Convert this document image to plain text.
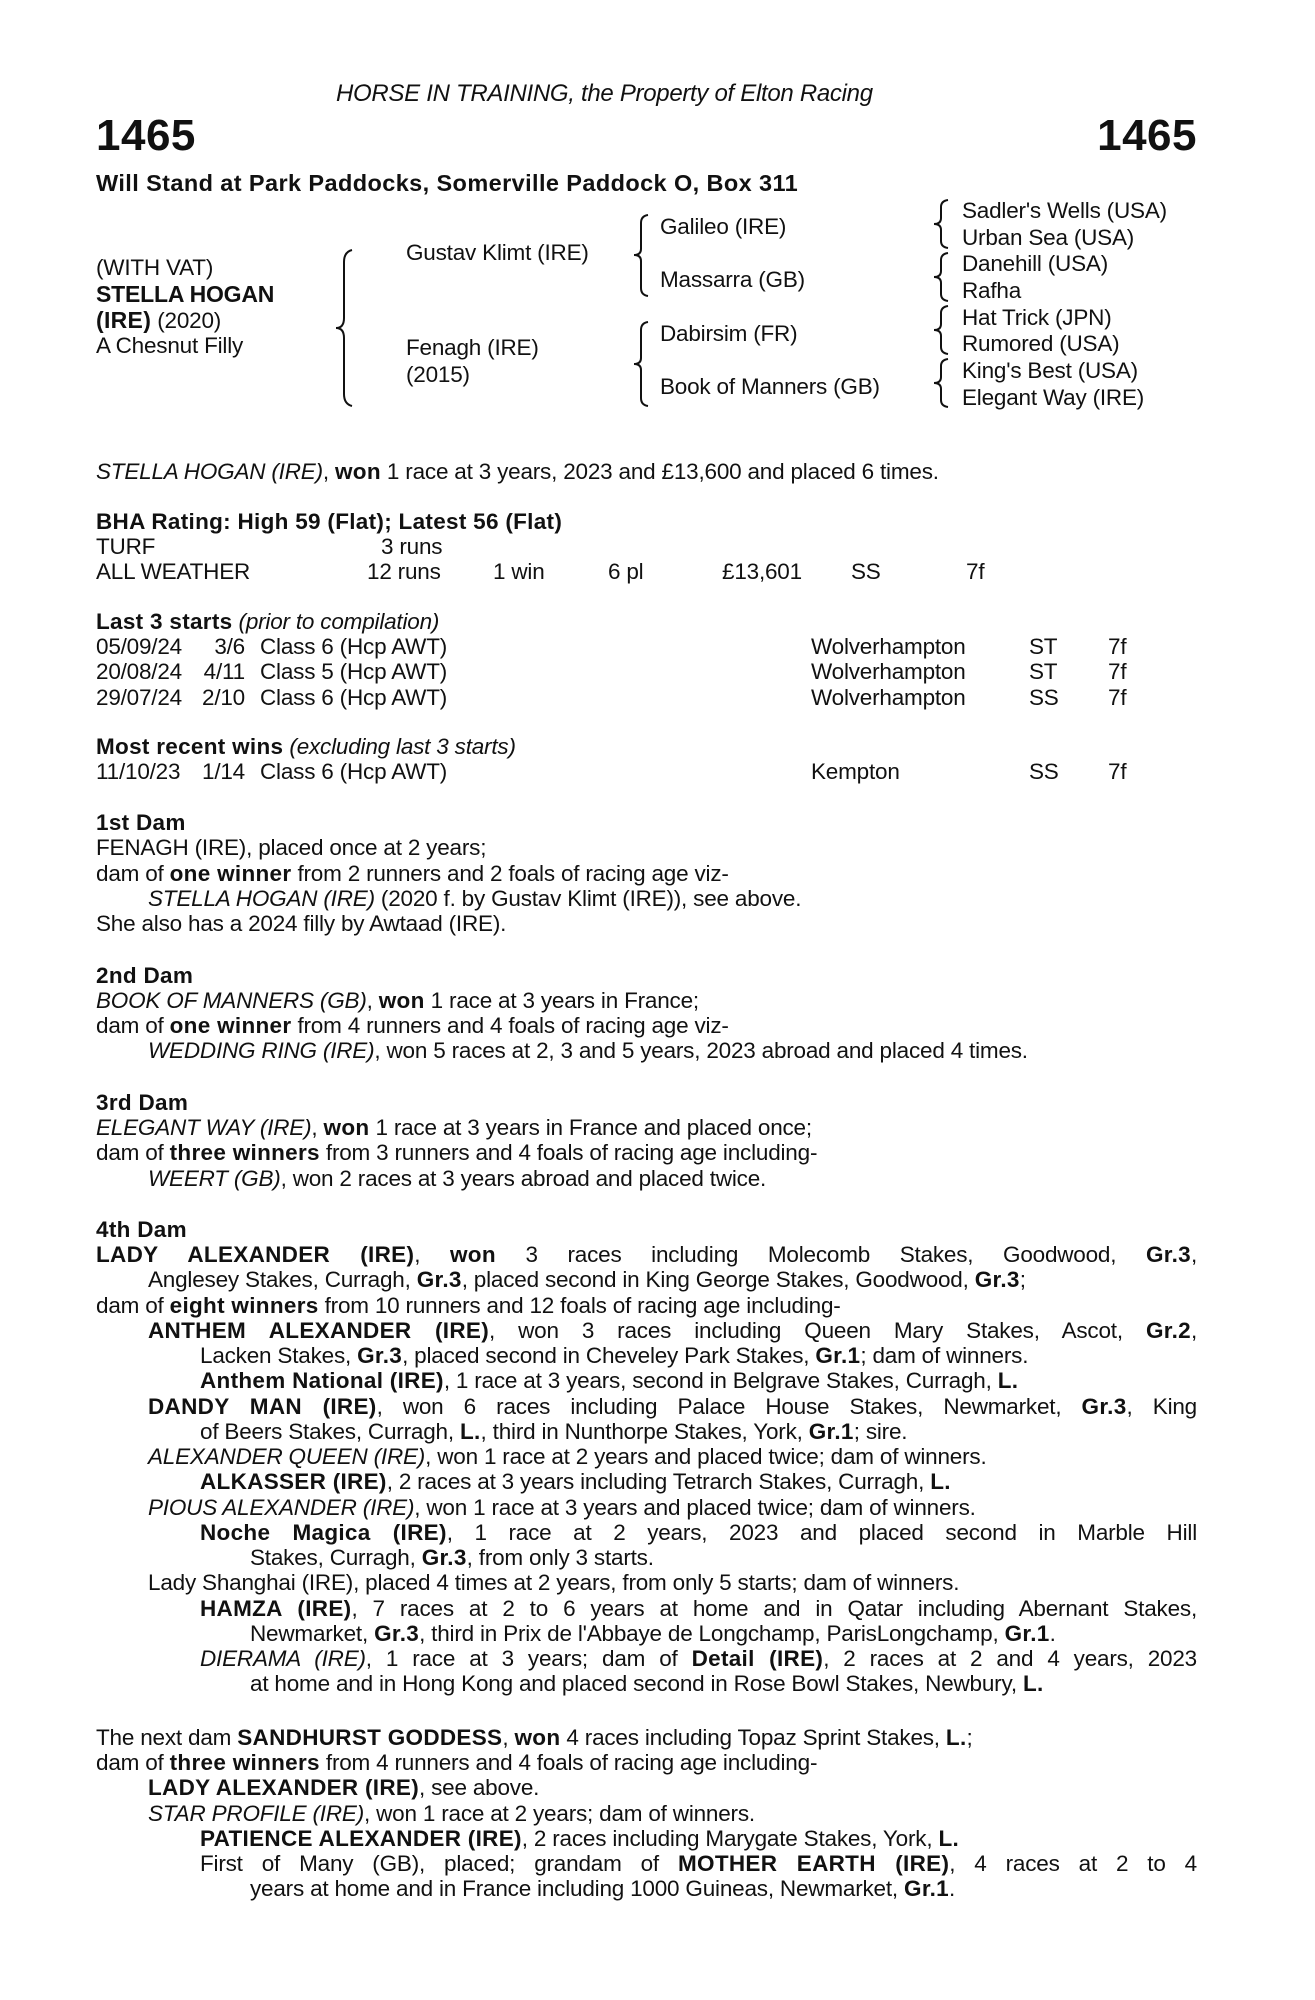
HORSE IN TRAINING, the Property of Elton Racing
1465	1465
Will Stand at Park Paddocks, Somerville Paddock O, Box 311
(WITH VAT)
STELLA HOGAN
(IRE) (2020)
A Chesnut Filly
Gustav Klimt (IRE)
Fenagh (IRE)
(2015)
Galileo (IRE)
Massarra (GB)
Dabirsim (FR)
Book of Manners (GB)
Sadler's Wells (USA)
Urban Sea (USA)
Danehill (USA)
Rafha
Hat Trick (JPN)
Rumored (USA)
King's Best (USA)
Elegant Way (IRE)
STELLA HOGAN (IRE), won 1 race at 3 years, 2023 and £13,600 and placed 6 times.
BHA Rating: High 59 (Flat); Latest 56 (Flat)
TURF	3 runs
ALL WEATHER	12 runs 1 win	6 pl	£13,601 SS	7f
Last 3 starts (prior to compilation)
05/09/24	3/6 Class 6 (Hcp AWT)	Wolverhampton	ST 7f
20/08/24 4/11 Class 5 (Hcp AWT)	Wolverhampton	ST 7f
29/07/24 2/10 Class 6 (Hcp AWT)	Wolverhampton	SS 7f
Most recent wins (excluding last 3 starts)
11/10/23 1/14 Class 6 (Hcp AWT)	Kempton	SS 7f
1st Dam
FENAGH (IRE), placed once at 2 years;
dam of one winner from 2 runners and 2 foals of racing age viz-
STELLA HOGAN (IRE) (2020 f. by Gustav Klimt (IRE)), see above.
She also has a 2024 filly by Awtaad (IRE).
2nd Dam
BOOK OF MANNERS (GB), won 1 race at 3 years in France;
dam of one winner from 4 runners and 4 foals of racing age viz-
WEDDING RING (IRE), won 5 races at 2, 3 and 5 years, 2023 abroad and placed 4 times.
3rd Dam
ELEGANT WAY (IRE), won 1 race at 3 years in France and placed once;
dam of three winners from 3 runners and 4 foals of racing age including-
WEERT (GB), won 2 races at 3 years abroad and placed twice.
4th Dam
LADY ALEXANDER (IRE), won 3 races including Molecomb Stakes, Goodwood, Gr.3,
Anglesey Stakes, Curragh, Gr.3, placed second in King George Stakes, Goodwood, Gr.3;
dam of eight winners from 10 runners and 12 foals of racing age including-
ANTHEM ALEXANDER (IRE), won 3 races including Queen Mary Stakes, Ascot, Gr.2,
Lacken Stakes, Gr.3, placed second in Cheveley Park Stakes, Gr.1; dam of winners.
Anthem National (IRE), 1 race at 3 years, second in Belgrave Stakes, Curragh, L.
DANDY MAN (IRE), won 6 races including Palace House Stakes, Newmarket, Gr.3, King
of Beers Stakes, Curragh, L., third in Nunthorpe Stakes, York, Gr.1; sire.
ALEXANDER QUEEN (IRE), won 1 race at 2 years and placed twice; dam of winners.
ALKASSER (IRE), 2 races at 3 years including Tetrarch Stakes, Curragh, L.
PIOUS ALEXANDER (IRE), won 1 race at 3 years and placed twice; dam of winners.
Noche Magica (IRE), 1 race at 2 years, 2023 and placed second in Marble Hill
Stakes, Curragh, Gr.3, from only 3 starts.
Lady Shanghai (IRE), placed 4 times at 2 years, from only 5 starts; dam of winners.
HAMZA (IRE), 7 races at 2 to 6 years at home and in Qatar including Abernant Stakes,
Newmarket, Gr.3, third in Prix de l'Abbaye de Longchamp, ParisLongchamp, Gr.1.
DIERAMA (IRE), 1 race at 3 years; dam of Detail (IRE), 2 races at 2 and 4 years, 2023
at home and in Hong Kong and placed second in Rose Bowl Stakes, Newbury, L.
The next dam SANDHURST GODDESS, won 4 races including Topaz Sprint Stakes, L.;
dam of three winners from 4 runners and 4 foals of racing age including-
LADY ALEXANDER (IRE), see above.
STAR PROFILE (IRE), won 1 race at 2 years; dam of winners.
PATIENCE ALEXANDER (IRE), 2 races including Marygate Stakes, York, L.
First of Many (GB), placed; grandam of MOTHER EARTH (IRE), 4 races at 2 to 4
years at home and in France including 1000 Guineas, Newmarket, Gr.1.
